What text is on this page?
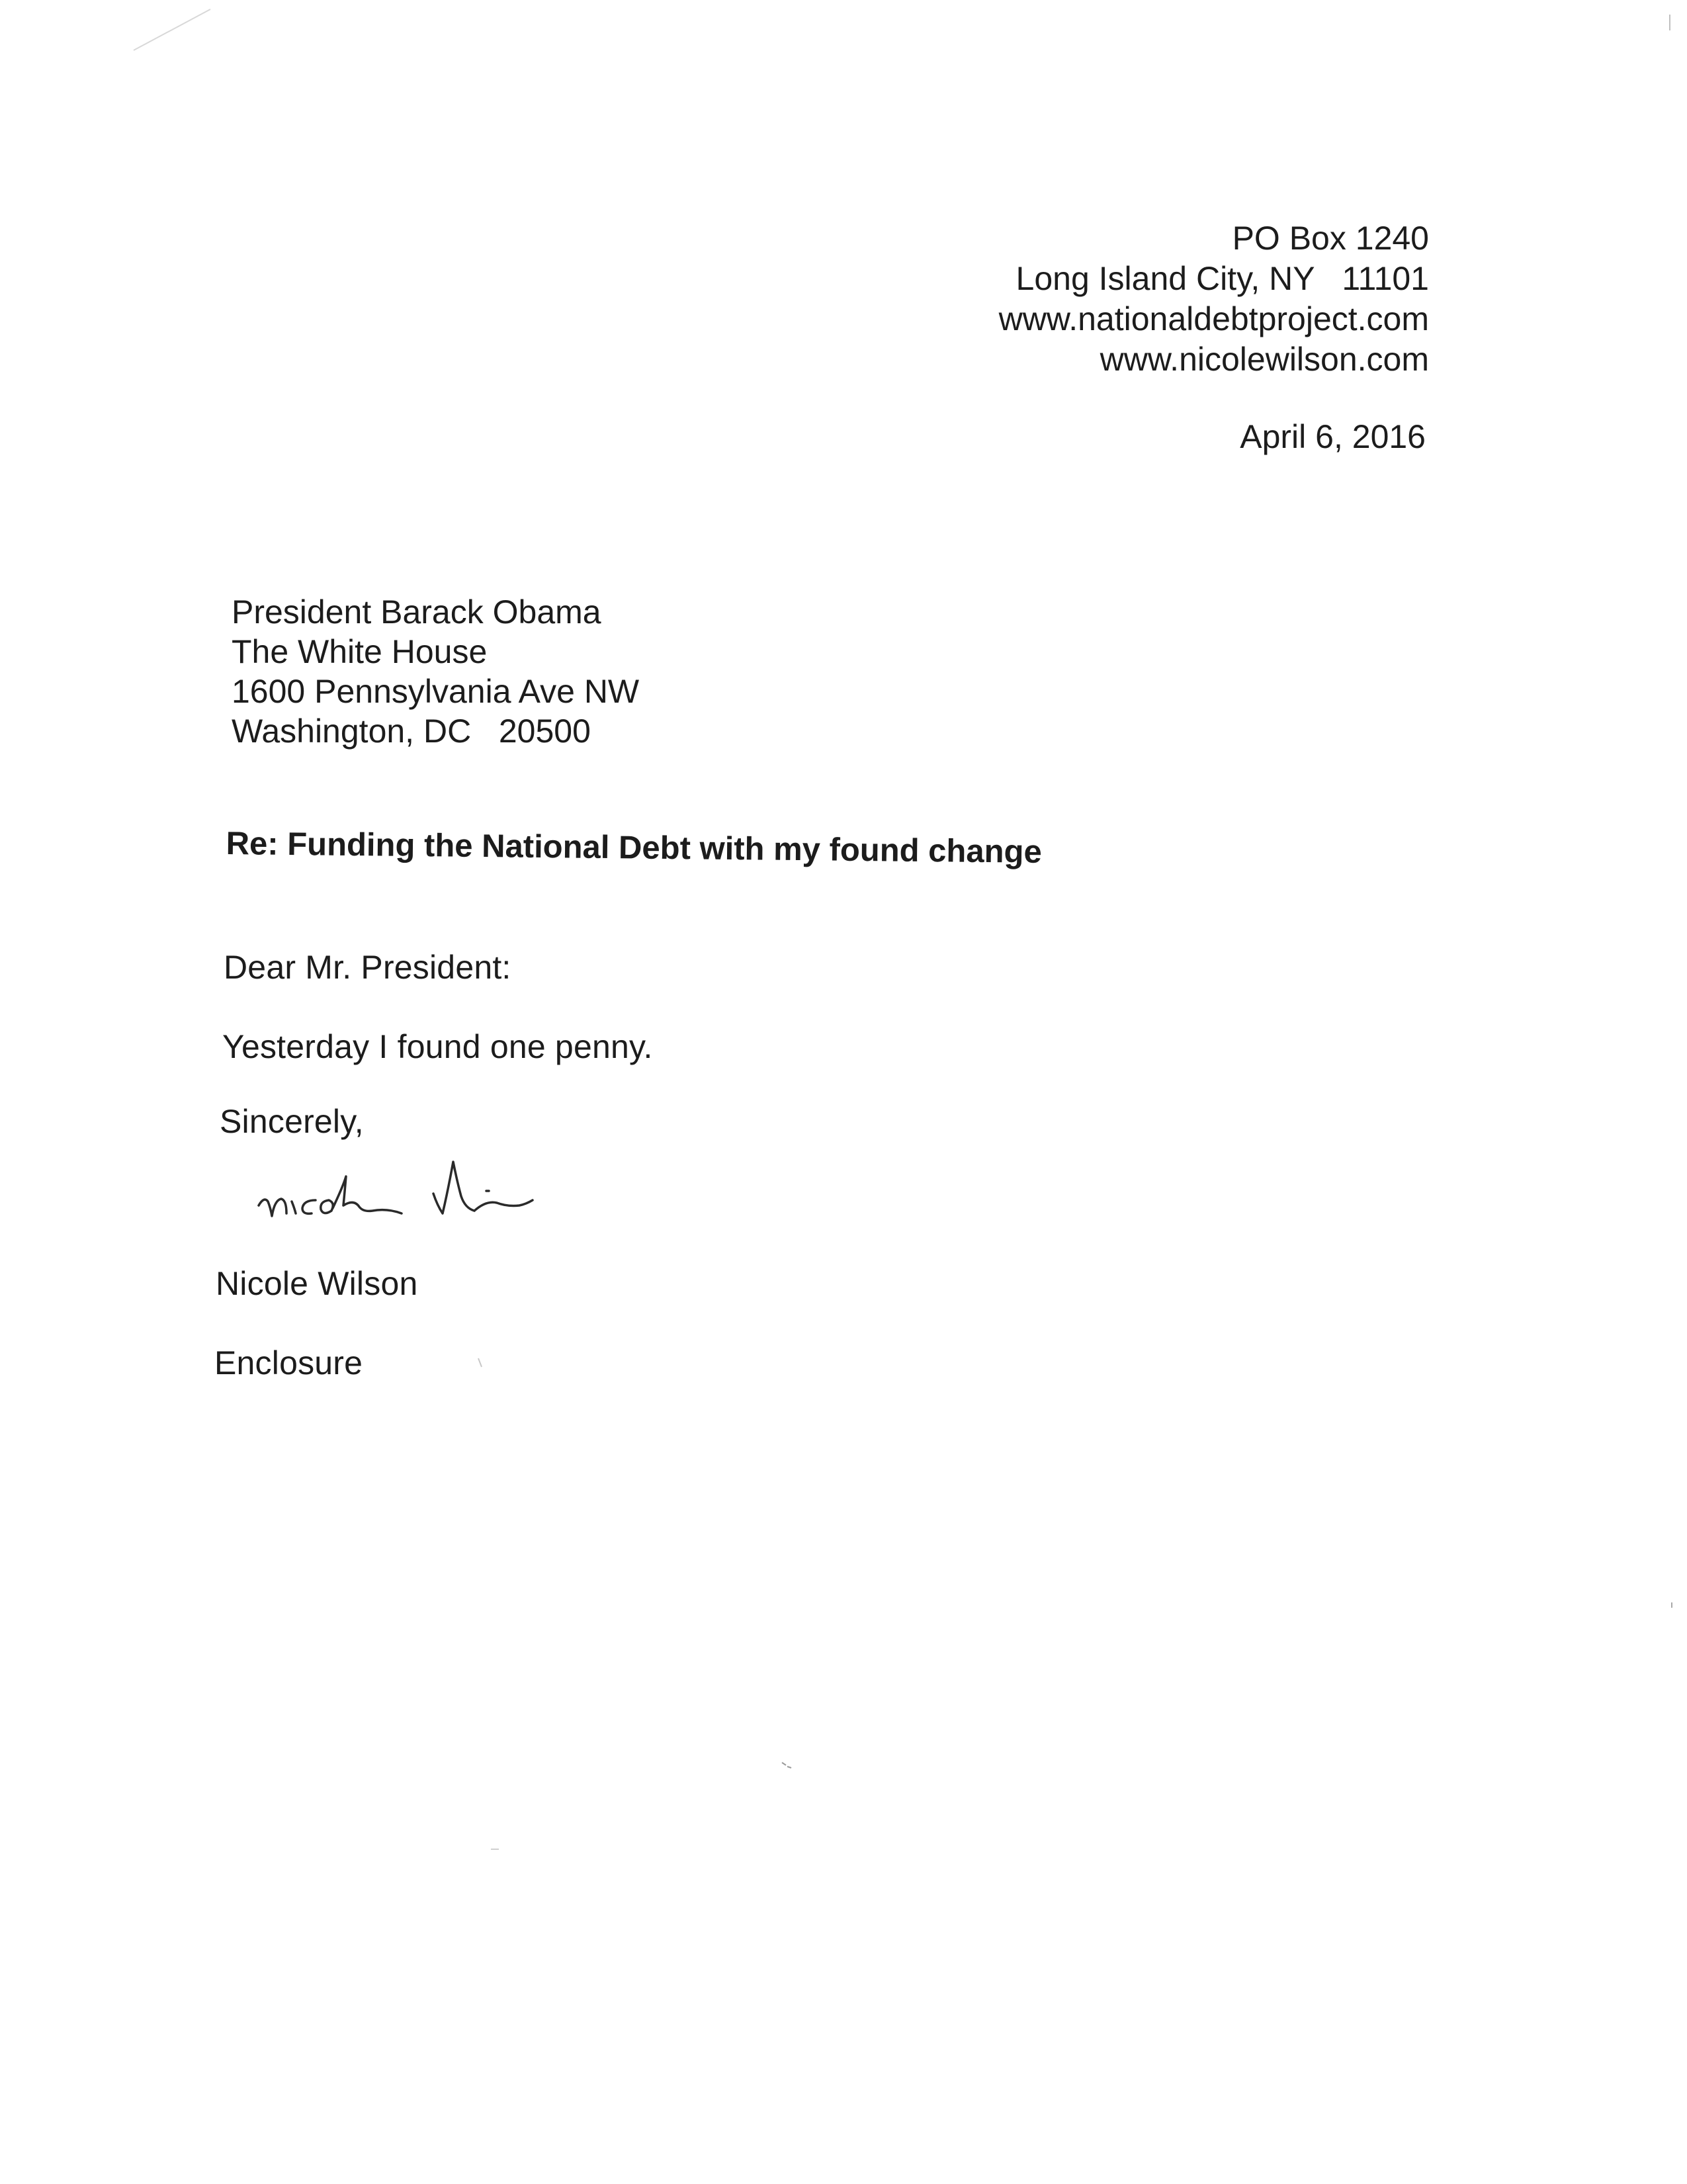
PO Box 1240
Long Island City, NY   11101
www.nationaldebtproject.com
www.nicolewilson.com
April 6, 2016
President Barack Obama
The White House
1600 Pennsylvania Ave NW
Washington, DC   20500
Re: Funding the National Debt with my found change
Dear Mr. President:
Yesterday I found one penny.
Sincerely,
Nicole Wilson
Enclosure
